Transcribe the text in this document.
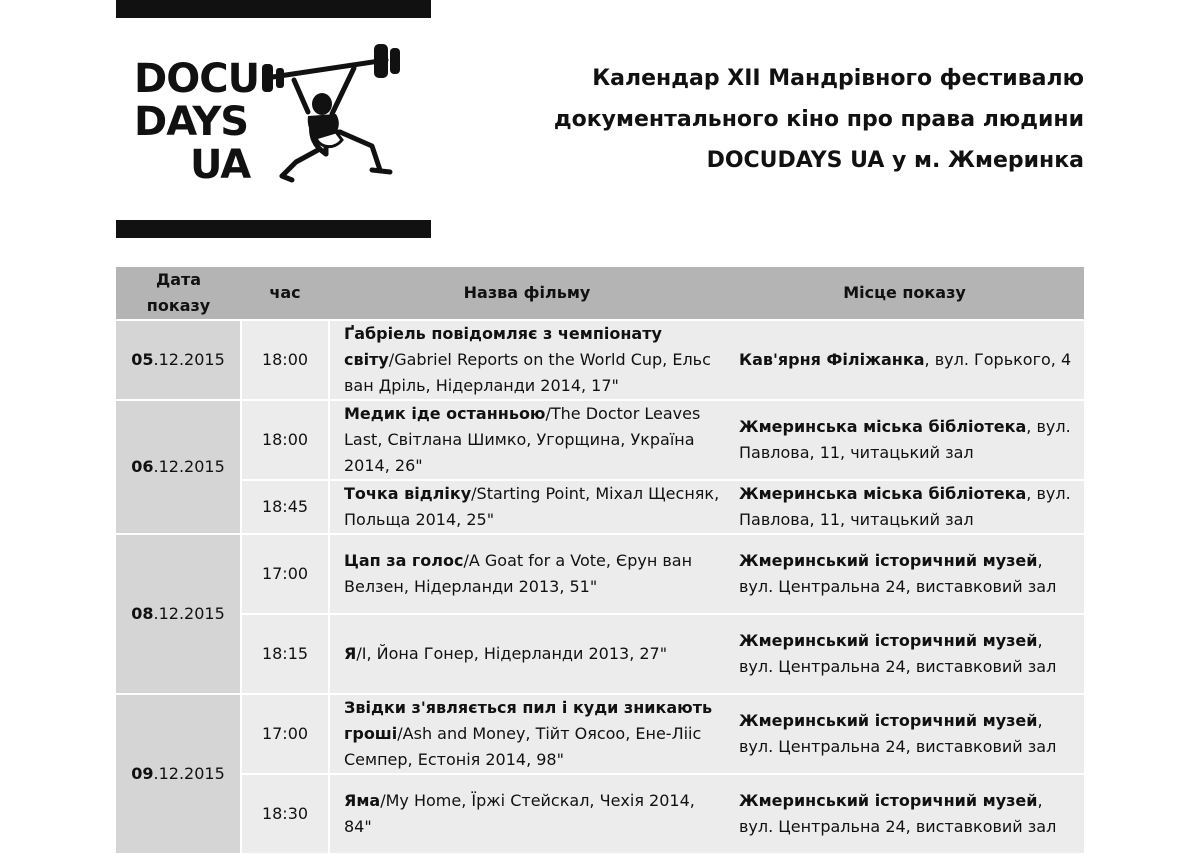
DOCU
DAYS
UA
Календар XII Мандрівного фестивалю
документального кіно про права людини
DOCUDAYS UA у м. Жмеринка
Дата показу	час	Назва фільму	Місце показу
05.12.2015	18:00	Ґабріель повідомляє з чемпіонату світу/Gabriel Reports on the World Cup, Ельс ван Дріль, Нідерланди 2014, 17"	Кав'ярня Філіжанка, вул. Горького, 4
06.12.2015	18:00	Медик іде останньою/The Doctor Leaves Last, Світлана Шимко, Угорщина, Україна 2014, 26"	Жмеринська міська бібліотека, вул. Павлова, 11, читацький зал
	18:45	Точка відліку/Starting Point, Міхал Щесняк, Польща 2014, 25"	Жмеринська міська бібліотека, вул. Павлова, 11, читацький зал
08.12.2015	17:00	Цап за голос/A Goat for a Vote, Єрун ван Велзен, Нідерланди 2013, 51"	Жмеринський історичний музей, вул. Центральна 24, виставковий зал
	18:15	Я/I, Йона Гонер, Нідерланди 2013, 27"	Жмеринський історичний музей, вул. Центральна 24, виставковий зал
09.12.2015	17:00	Звідки з'являється пил і куди зникають гроші/Ash and Money, Тійт Ояcoo, Ене-Лііс Семпер, Естонія 2014, 98"	Жмеринський історичний музей, вул. Центральна 24, виставковий зал
	18:30	Яма/My Home, Їржі Стейскал, Чехія 2014, 84"	Жмеринський історичний музей, вул. Центральна 24, виставковий зал
